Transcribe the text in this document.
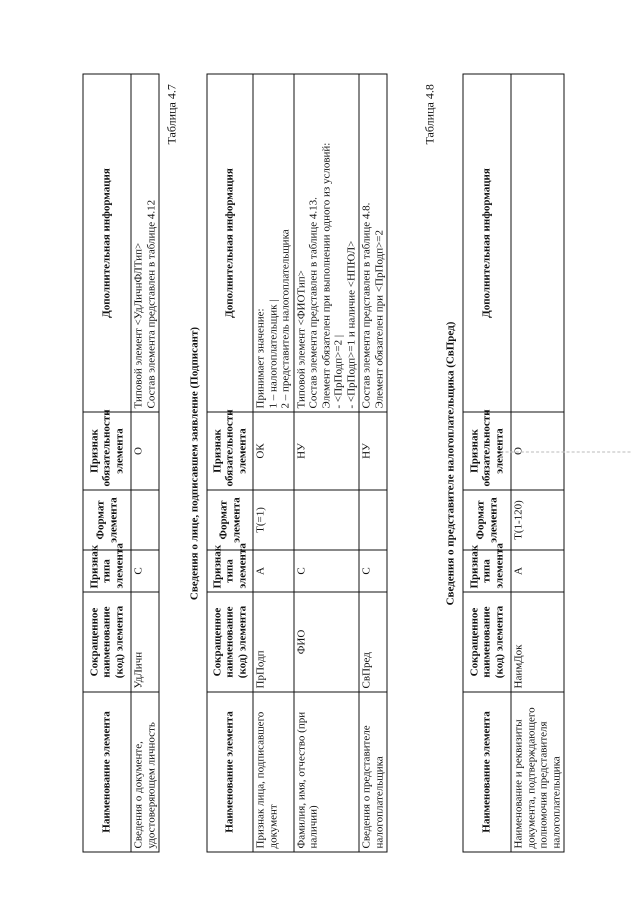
Наименование элемента	Сокращенное наименование (код) элемента	Признак типа элемента	Формат элемента	Признак обязательности элемента	Дополнительная информация
Сведения о документе, удостоверяющем личность	УдЛичн	С		О	Типовой элемент <УдЛичнФЛТип> Состав элемента представлен в таблице 4.12
Таблица 4.7
Сведения о лице, подписавшем заявление (Подписант)
Наименование элемента	Сокращенное наименование (код) элемента	Признак типа элемента	Формат элемента	Признак обязательности элемента	Дополнительная информация
Признак лица, подписавшего документ	ПрПодп	А	T(=1)	ОК	Принимает значение: 1 – налогоплательщик | 2 – представитель налогоплательщика

Фамилия, имя, отчество (при наличии)	ФИО	С		НУ	Типовой элемент <ФИОТип> Состав элемента представлен в таблице 4.13. Элемент обязателен при выполнении одного из условий: - <ПрПодп>=2 | - <ПрПодп>=1 и наличие <НПЮЛ>

Сведения о представителе налогоплательщика	СвПред	С		НУ	Состав элемента представлен в таблице 4.8. Элемент обязателен при <ПрПодп>=2
Таблица 4.8
Сведения о представителе налогоплательщика (СвПред)
Наименование элемента	Сокращенное наименование (код) элемента	Признак типа элемента	Формат элемента	Признак обязательности элемента	Дополнительная информация
Наименование и реквизиты документа, подтверждающего полномочия представителя налогоплательщика	НаимДок	А	T(1-120)	О	
